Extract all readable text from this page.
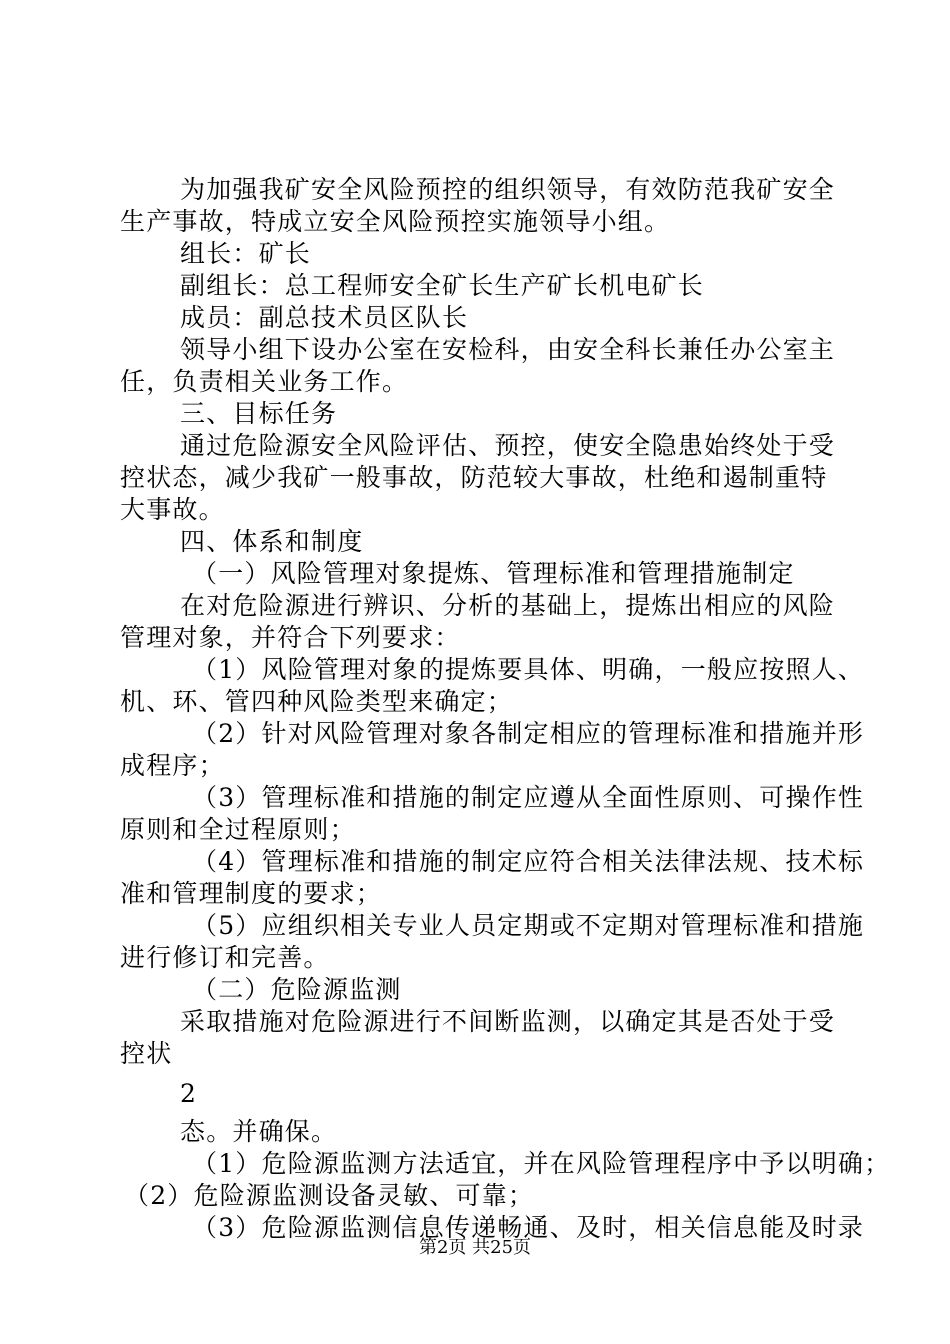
为加强我矿安全风险预控的组织领导，有效防范我矿安全
生产事故，特成立安全风险预控实施领导小组。
组长：矿长
副组长：总工程师安全矿长生产矿长机电矿长
成员：副总技术员区队长
领导小组下设办公室在安检科，由安全科长兼任办公室主
任，负责相关业务工作。
三、目标任务
通过危险源安全风险评估、预控，使安全隐患始终处于受
控状态，减少我矿一般事故，防范较大事故，杜绝和遏制重特
大事故。
四、体系和制度
（一）风险管理对象提炼、管理标准和管理措施制定
在对危险源进行辨识、分析的基础上，提炼出相应的风险
管理对象，并符合下列要求：
（1）风险管理对象的提炼要具体、明确，一般应按照人、
机、环、管四种风险类型来确定；
（2）针对风险管理对象各制定相应的管理标准和措施并形
成程序；
（3）管理标准和措施的制定应遵从全面性原则、可操作性
原则和全过程原则；
（4）管理标准和措施的制定应符合相关法律法规、技术标
准和管理制度的要求；
（5）应组织相关专业人员定期或不定期对管理标准和措施
进行修订和完善。
（二）危险源监测
采取措施对危险源进行不间断监测，以确定其是否处于受
控状
2
态。并确保。
（1）危险源监测方法适宜，并在风险管理程序中予以明确；
（2）危险源监测设备灵敏、可靠；
（3）危险源监测信息传递畅通、及时，相关信息能及时录
第2页 共25页
